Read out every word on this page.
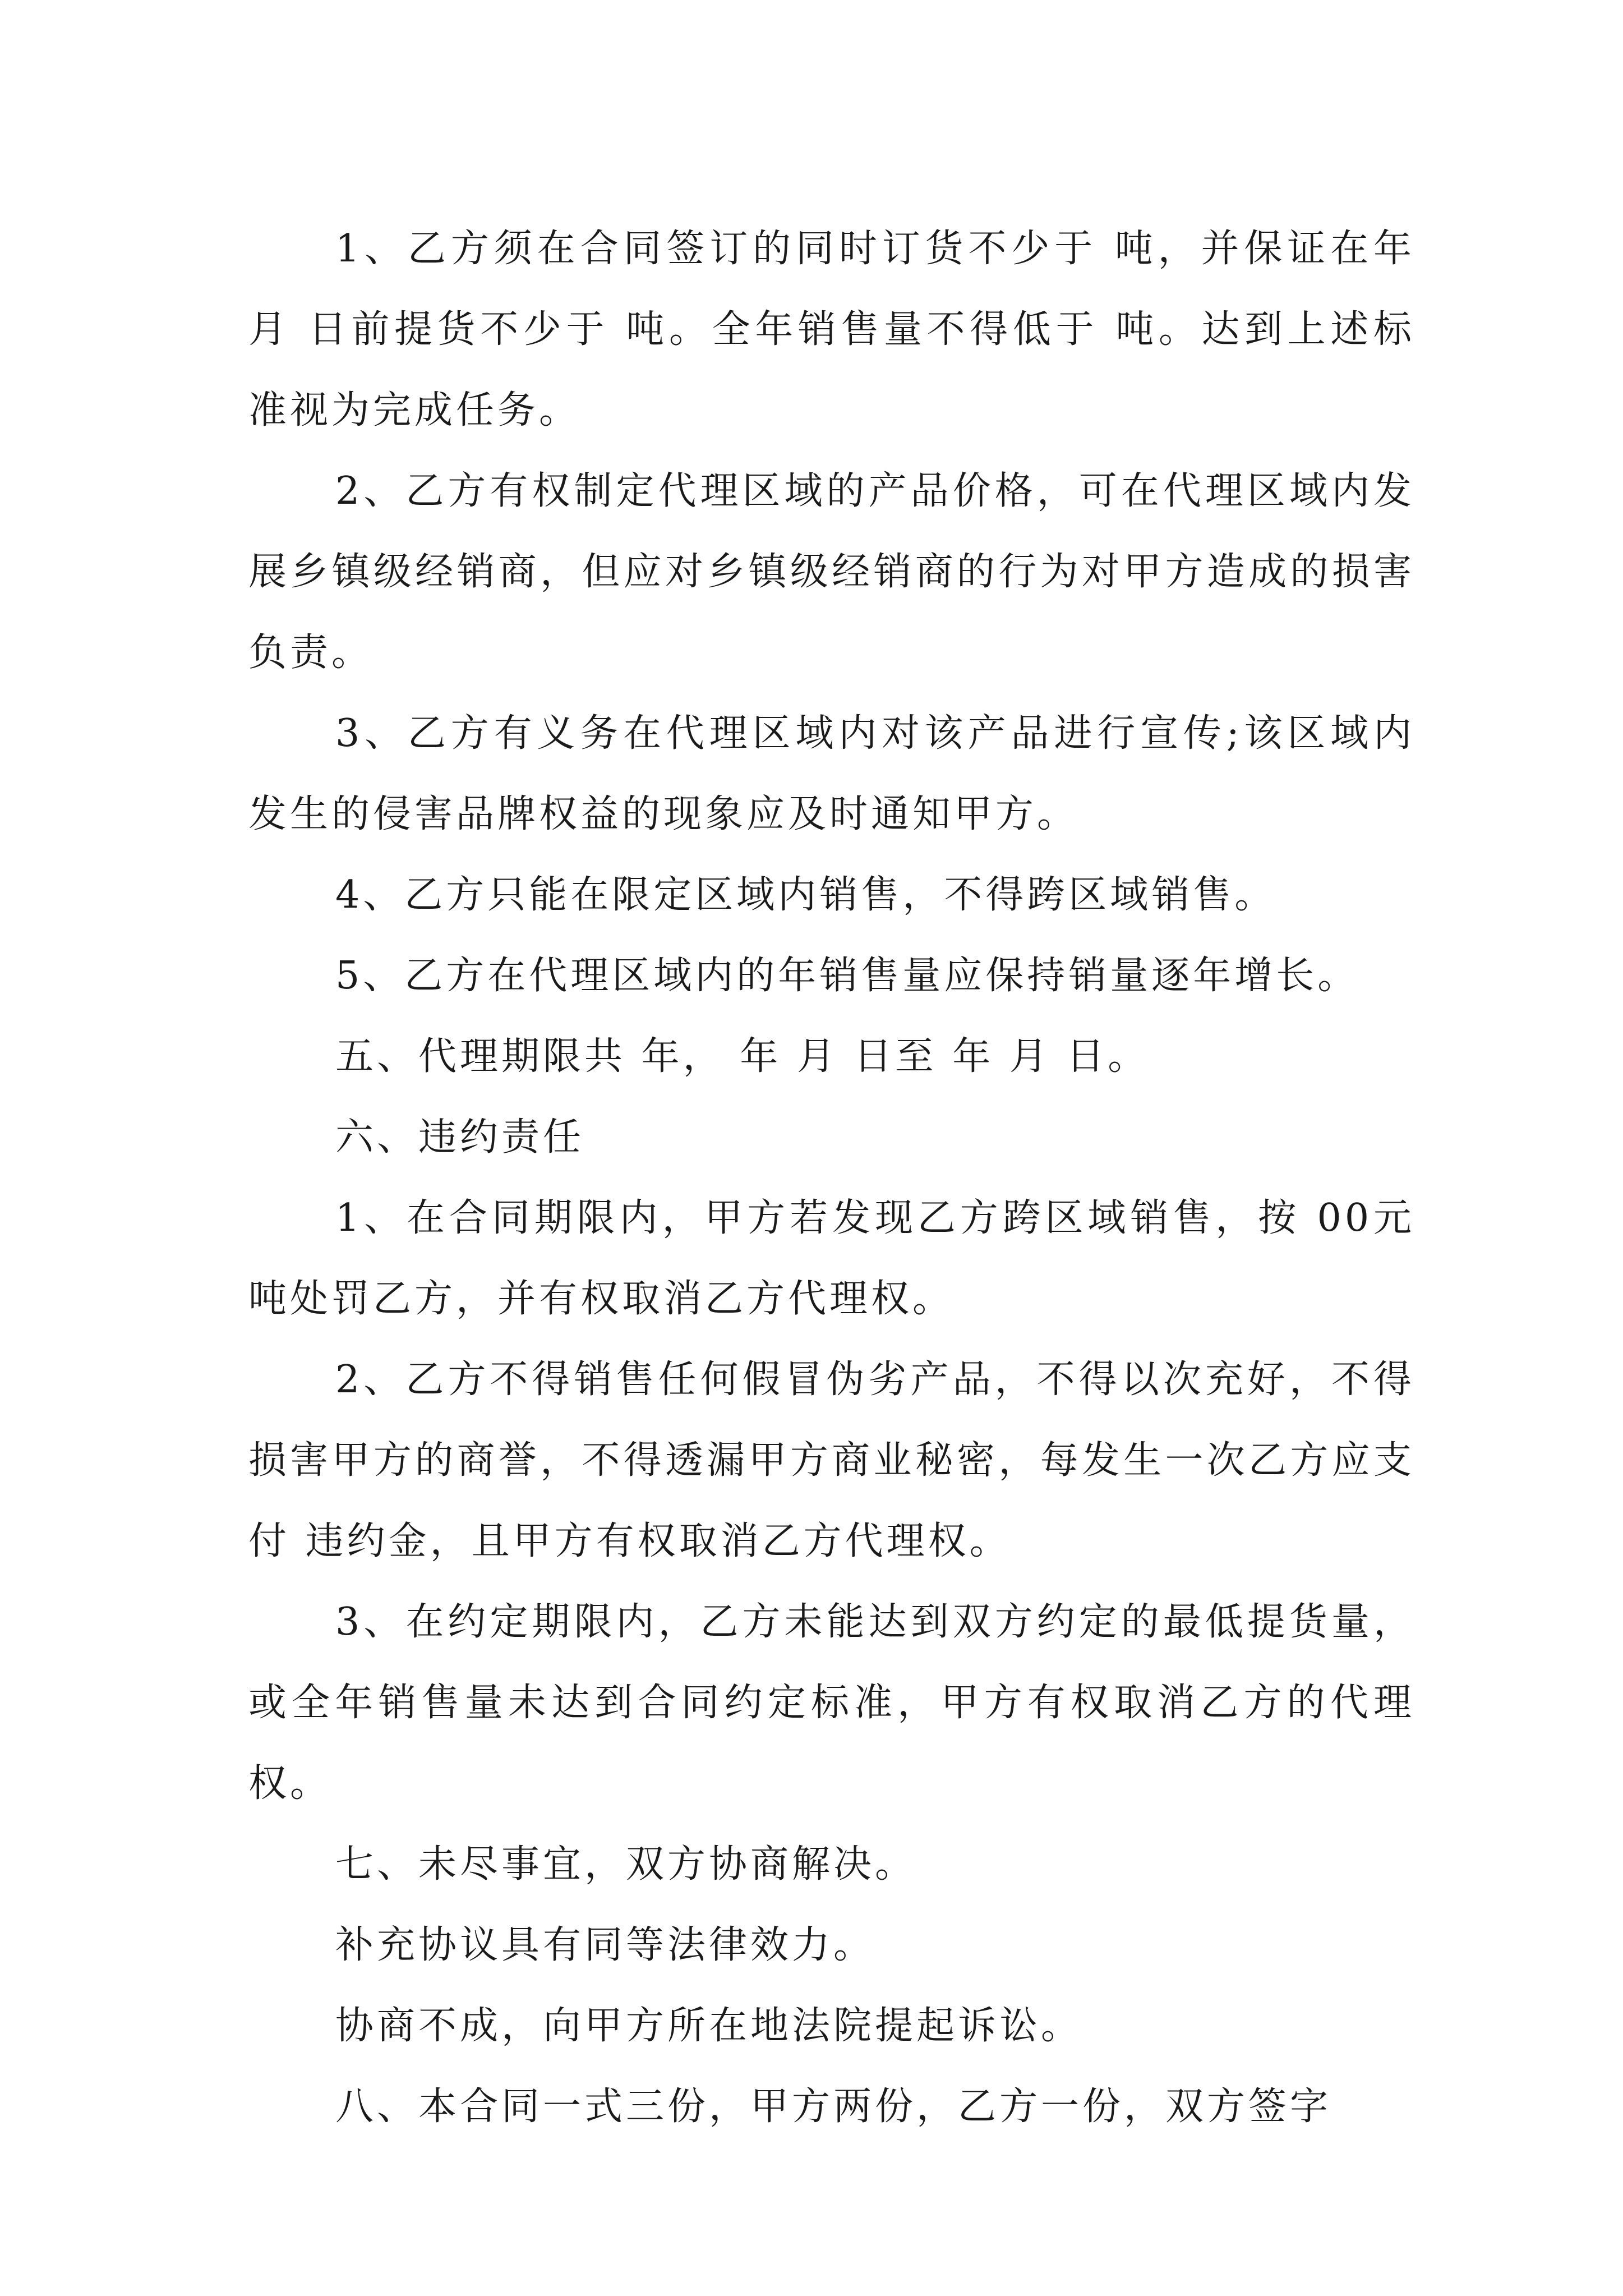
1、乙方须在合同签订的同时订货不少于 吨，并保证在年 月 日前提货不少于 吨。全年销售量不得低于 吨。达到上述标准视为完成任务。

2、乙方有权制定代理区域的产品价格，可在代理区域内发展乡镇级经销商，但应对乡镇级经销商的行为对甲方造成的损害负责。

3、乙方有义务在代理区域内对该产品进行宣传;该区域内发生的侵害品牌权益的现象应及时通知甲方。

4、乙方只能在限定区域内销售，不得跨区域销售。

5、乙方在代理区域内的年销售量应保持销量逐年增长。

五、代理期限共 年， 年 月 日至 年 月 日。

六、违约责任

1、在合同期限内，甲方若发现乙方跨区域销售，按 00元吨处罚乙方，并有权取消乙方代理权。

2、乙方不得销售任何假冒伪劣产品，不得以次充好，不得损害甲方的商誉，不得透漏甲方商业秘密，每发生一次乙方应支付 违约金，且甲方有权取消乙方代理权。

3、在约定期限内，乙方未能达到双方约定的最低提货量，或全年销售量未达到合同约定标准，甲方有权取消乙方的代理权。

七、未尽事宜，双方协商解决。

补充协议具有同等法律效力。

协商不成，向甲方所在地法院提起诉讼。

八、本合同一式三份，甲方两份，乙方一份，双方签字
